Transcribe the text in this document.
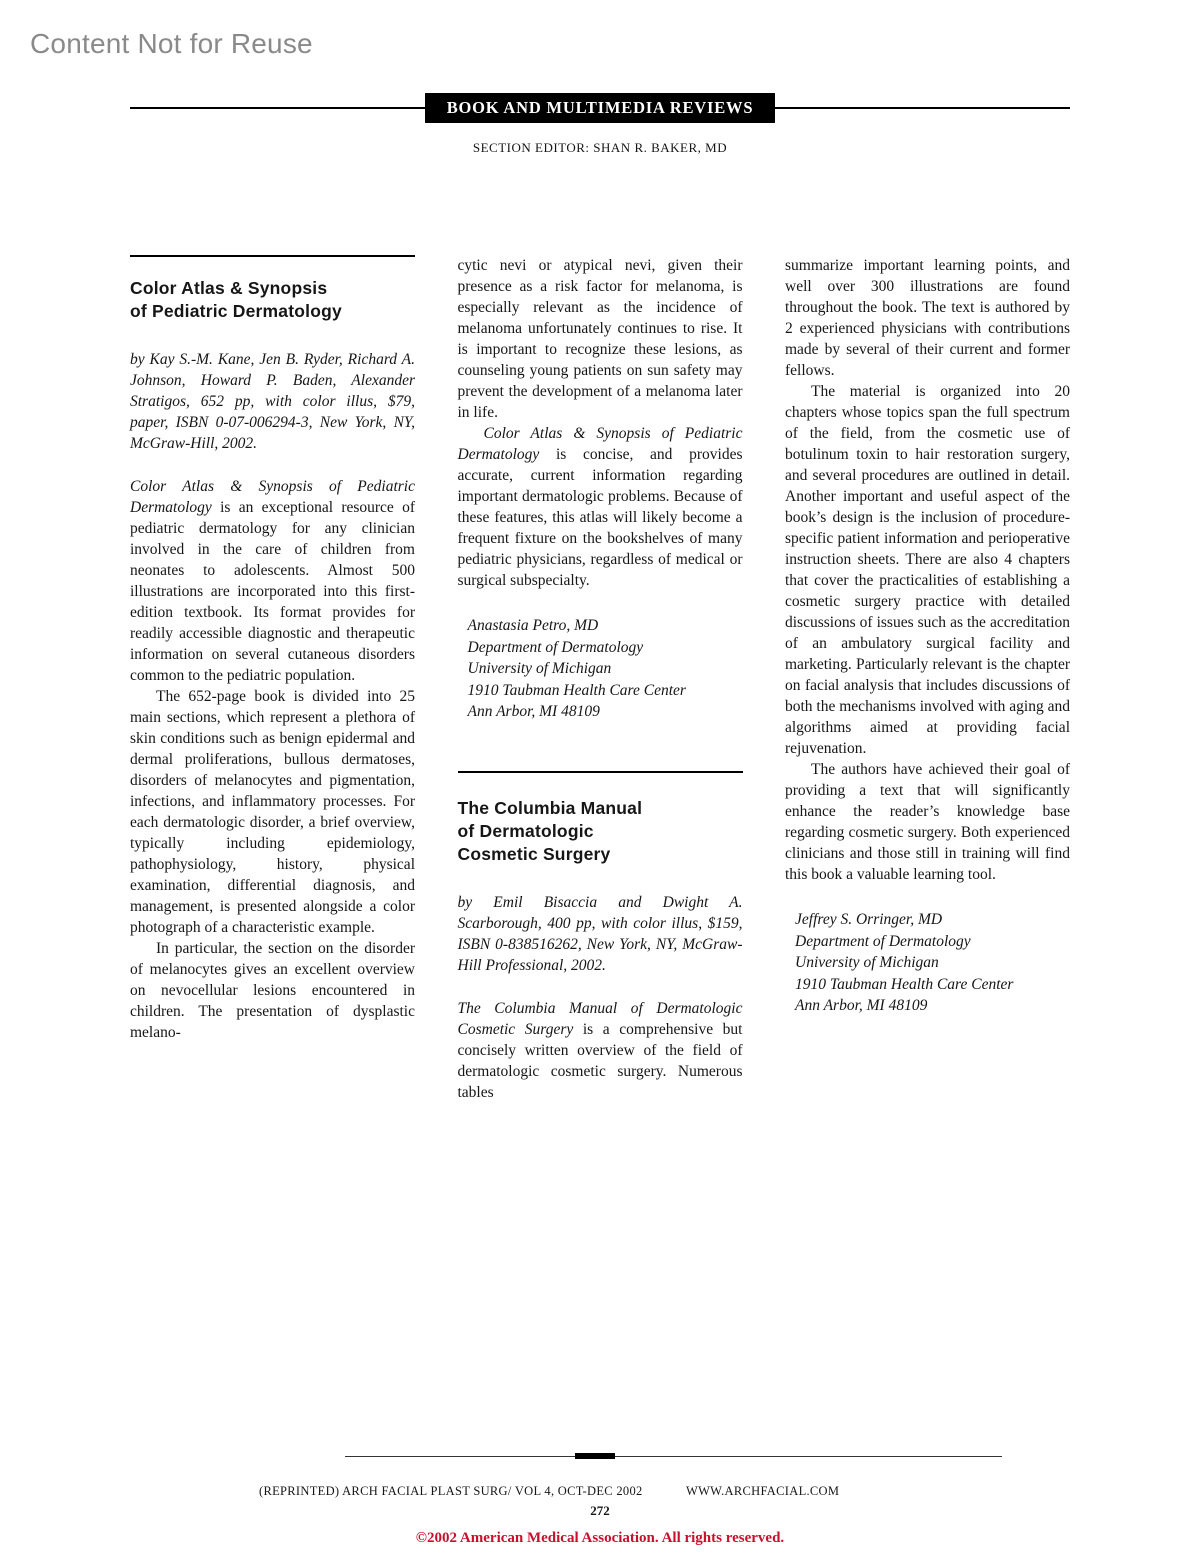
Content Not for Reuse
BOOK AND MULTIMEDIA REVIEWS
SECTION EDITOR: SHAN R. BAKER, MD
Color Atlas & Synopsis
of Pediatric Dermatology

by Kay S.-M. Kane, Jen B. Ryder, Richard A. Johnson, Howard P. Baden, Alexander Stratigos, 652 pp, with color illus, $79, paper, ISBN 0-07-006294-3, New York, NY, McGraw-Hill, 2002.

Color Atlas & Synopsis of Pediatric Dermatology is an exceptional resource of pediatric dermatology for any clinician involved in the care of children from neonates to adolescents. Almost 500 illustrations are incorporated into this first-edition textbook. Its format provides for readily accessible diagnostic and therapeutic information on several cutaneous disorders common to the pediatric population.

The 652-page book is divided into 25 main sections, which represent a plethora of skin conditions such as benign epidermal and dermal proliferations, bullous dermatoses, disorders of melanocytes and pigmentation, infections, and inflammatory processes. For each dermatologic disorder, a brief overview, typically including epidemiology, pathophysiology, history, physical examination, differential diagnosis, and management, is presented alongside a color photograph of a characteristic example.

In particular, the section on the disorder of melanocytes gives an excellent overview on nevocellular lesions encountered in children. The presentation of dysplastic melano-

cytic nevi or atypical nevi, given their presence as a risk factor for melanoma, is especially relevant as the incidence of melanoma unfortunately continues to rise. It is important to recognize these lesions, as counseling young patients on sun safety may prevent the development of a melanoma later in life.

Color Atlas & Synopsis of Pediatric Dermatology is concise, and provides accurate, current information regarding important dermatologic problems. Because of these features, this atlas will likely become a frequent fixture on the bookshelves of many pediatric physicians, regardless of medical or surgical subspecialty.

Anastasia Petro, MD
Department of Dermatology
University of Michigan
1910 Taubman Health Care Center
Ann Arbor, MI 48109
The Columbia Manual
of Dermatologic
Cosmetic Surgery

by Emil Bisaccia and Dwight A. Scarborough, 400 pp, with color illus, $159, ISBN 0-838516262, New York, NY, McGraw-Hill Professional, 2002.

The Columbia Manual of Dermatologic Cosmetic Surgery is a comprehensive but concisely written overview of the field of dermatologic cosmetic surgery. Numerous tables

summarize important learning points, and well over 300 illustrations are found throughout the book. The text is authored by 2 experienced physicians with contributions made by several of their current and former fellows.

The material is organized into 20 chapters whose topics span the full spectrum of the field, from the cosmetic use of botulinum toxin to hair restoration surgery, and several procedures are outlined in detail. Another important and useful aspect of the book’s design is the inclusion of procedure-specific patient information and perioperative instruction sheets. There are also 4 chapters that cover the practicalities of establishing a cosmetic surgery practice with detailed discussions of issues such as the accreditation of an ambulatory surgical facility and marketing. Particularly relevant is the chapter on facial analysis that includes discussions of both the mechanisms involved with aging and algorithms aimed at providing facial rejuvenation.

The authors have achieved their goal of providing a text that will significantly enhance the reader’s knowledge base regarding cosmetic surgery. Both experienced clinicians and those still in training will find this book a valuable learning tool.

Jeffrey S. Orringer, MD
Department of Dermatology
University of Michigan
1910 Taubman Health Care Center
Ann Arbor, MI 48109
(REPRINTED) ARCH FACIAL PLAST SURG/ VOL 4, OCT-DEC 2002	WWW.ARCHFACIAL.COM
272
©2002 American Medical Association. All rights reserved.
